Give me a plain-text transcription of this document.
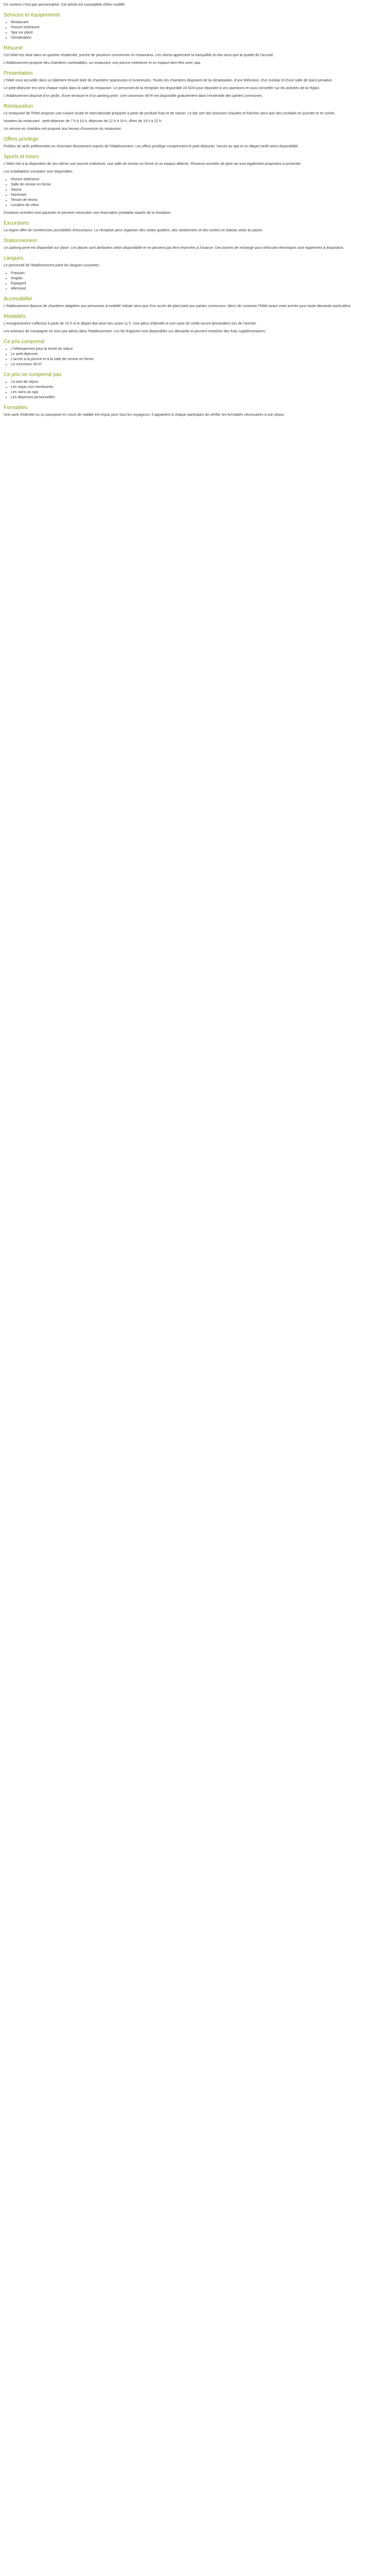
Ce contenu n'est pas personnalisé. Cet article est susceptible d'être modifié.

Services et équipements
• Restaurant
• Piscine extérieure
• Spa sur place
• Climatisation
Résumé

Cet hôtel est situé dans un quartier résidentiel, proche de plusieurs commerces et restaurants. Les clients apprécient la tranquillité du lieu ainsi que la qualité de l'accueil.

L'établissement propose des chambres confortables, un restaurant, une piscine extérieure et un espace bien-être avec spa.

Présentation

L'hôtel vous accueille dans un bâtiment rénové doté de chambres spacieuses et lumineuses. Toutes les chambres disposent de la climatisation, d'une télévision, d'un minibar et d'une salle de bains privative.

Le petit-déjeuner est servi chaque matin dans la salle du restaurant. Le personnel de la réception est disponible 24 h/24 pour répondre à vos questions et vous conseiller sur les activités de la région.

L'établissement dispose d'un jardin, d'une terrasse et d'un parking privé. Une connexion Wi-Fi est disponible gratuitement dans l'ensemble des parties communes.

Restauration

Le restaurant de l'hôtel propose une cuisine locale et internationale préparée à partir de produits frais et de saison. Le bar sert des boissons chaudes et fraîches ainsi que des cocktails en journée et en soirée.

Horaires du restaurant : petit-déjeuner de 7 h à 10 h, déjeuner de 12 h à 14 h, dîner de 19 h à 22 h.

Un service en chambre est proposé aux heures d'ouverture du restaurant.

Offres privilège

Profitez de tarifs préférentiels en réservant directement auprès de l'établissement. Les offres privilège comprennent le petit-déjeuner, l'accès au spa et un départ tardif selon disponibilité.

Sports et loisirs

L'hôtel met à la disposition de ses clients une piscine extérieure, une salle de remise en forme et un espace détente. Plusieurs activités de plein air sont également proposées à proximité.

Les installations suivantes sont disponibles :

• Piscine extérieure
• Salle de remise en forme
• Sauna
• Hammam
• Terrain de tennis
• Location de vélos

Certaines activités sont payantes et peuvent nécessiter une réservation préalable auprès de la réception.

Excursions

La région offre de nombreuses possibilités d'excursions. La réception peut organiser des visites guidées, des randonnées et des sorties en bateau selon la saison.

Stationnement

Un parking privé est disponible sur place. Les places sont attribuées selon disponibilité et ne peuvent pas être réservées à l'avance. Des bornes de recharge pour véhicules électriques sont également à disposition.

Langues

Le personnel de l'établissement parle les langues suivantes :

• Français
• Anglais
• Espagnol
• Allemand
Accessibilité

L'établissement dispose de chambres adaptées aux personnes à mobilité réduite ainsi que d'un accès de plain-pied aux parties communes. Merci de contacter l'hôtel avant votre arrivée pour toute demande particulière.

Modalités

L'enregistrement s'effectue à partir de 15 h et le départ doit avoir lieu avant 11 h. Une pièce d'identité et une carte de crédit seront demandées lors de l'arrivée.

Les animaux de compagnie ne sont pas admis dans l'établissement. Les lits d'appoint sont disponibles sur demande et peuvent entraîner des frais supplémentaires.

Ce prix comprend
• L'hébergement pour la durée du séjour
• Le petit-déjeuner
• L'accès à la piscine et à la salle de remise en forme
• La connexion Wi-Fi
Ce prix ne comprend pas
• La taxe de séjour
• Les repas non mentionnés
• Les soins au spa
• Les dépenses personnelles
Formalités

Une carte d'identité ou un passeport en cours de validité est requis pour tous les voyageurs. Il appartient à chaque participant de vérifier les formalités nécessaires à son séjour.
